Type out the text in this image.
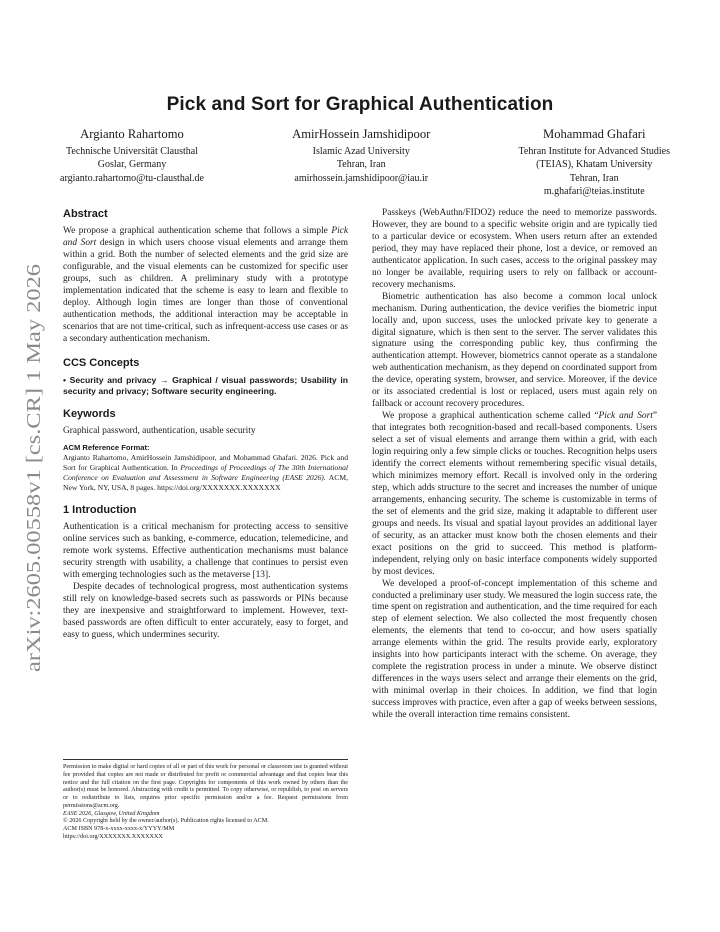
arXiv:2605.00558v1 [cs.CR] 1 May 2026
Pick and Sort for Graphical Authentication
Argianto Rahartomo
Technische Universität Clausthal
Goslar, Germany
argianto.rahartomo@tu-clausthal.de
AmirHossein Jamshidipoor
Islamic Azad University
Tehran, Iran
amirhossein.jamshidipoor@iau.ir
Mohammad Ghafari
Tehran Institute for Advanced Studies
(TEIAS), Khatam University
Tehran, Iran
m.ghafari@teias.institute
Abstract

We propose a graphical authentication scheme that follows a simple Pick and Sort design in which users choose visual elements and arrange them within a grid. Both the number of selected elements and the grid size are configurable, and the visual elements can be customized for specific user groups, such as children. A preliminary study with a prototype implementation indicated that the scheme is easy to learn and flexible to deploy. Although login times are longer than those of conventional authentication methods, the additional interaction may be acceptable in scenarios that are not time-critical, such as infrequent-access use cases or as a secondary authentication mechanism.

CCS Concepts

• Security and privacy → Graphical / visual passwords; Usability in security and privacy; Software security engineering.

Keywords

Graphical password, authentication, usable security

ACM Reference Format:

Argianto Rahartomo, AmirHossein Jamshidipoor, and Mohammad Ghafari. 2026. Pick and Sort for Graphical Authentication. In Proceedings of Proceedings of The 30th International Conference on Evaluation and Assessment in Software Engineering (EASE 2026). ACM, New York, NY, USA, 8 pages. https://doi.org/XXXXXXX.XXXXXXX

1 Introduction

Authentication is a critical mechanism for protecting access to sensitive online services such as banking, e-commerce, education, telemedicine, and remote work systems. Effective authentication mechanisms must balance security strength with usability, a challenge that continues to persist even with emerging technologies such as the metaverse [13].

Despite decades of technological progress, most authentication systems still rely on knowledge-based secrets such as passwords or PINs because they are inexpensive and straightforward to implement. However, text-based passwords are often difficult to enter accurately, easy to forget, and easy to guess, which undermines security.

Permission to make digital or hard copies of all or part of this work for personal or classroom use is granted without fee provided that copies are not made or distributed for profit or commercial advantage and that copies bear this notice and the full citation on the first page. Copyrights for components of this work owned by others than the author(s) must be honored. Abstracting with credit is permitted. To copy otherwise, or republish, to post on servers or to redistribute to lists, requires prior specific permission and/or a fee. Request permissions from permissions@acm.org.
EASE 2026, Glasgow, United Kingdom
© 2026 Copyright held by the owner/author(s). Publication rights licensed to ACM.
ACM ISBN 978-x-xxxx-xxxx-x/YYYY/MM
https://doi.org/XXXXXXX.XXXXXXX

Passkeys (WebAuthn/FIDO2) reduce the need to memorize passwords. However, they are bound to a specific website origin and are typically tied to a particular device or ecosystem. When users return after an extended period, they may have replaced their phone, lost a device, or removed an authenticator application. In such cases, access to the original passkey may no longer be available, requiring users to rely on fallback or account-recovery mechanisms.

Biometric authentication has also become a common local unlock mechanism. During authentication, the device verifies the biometric input locally and, upon success, uses the unlocked private key to generate a digital signature, which is then sent to the server. The server validates this signature using the corresponding public key, thus confirming the authentication attempt. However, biometrics cannot operate as a standalone web authentication mechanism, as they depend on coordinated support from the device, operating system, browser, and service. Moreover, if the device or its associated credential is lost or replaced, users must again rely on fallback or account recovery procedures.

We propose a graphical authentication scheme called “Pick and Sort” that integrates both recognition-based and recall-based components. Users select a set of visual elements and arrange them within a grid, with each login requiring only a few simple clicks or touches. Recognition helps users identify the correct elements without remembering specific visual details, which minimizes memory effort. Recall is involved only in the ordering step, which adds structure to the secret and increases the number of unique arrangements, enhancing security. The scheme is customizable in terms of the set of elements and the grid size, making it adaptable to different user groups and needs. Its visual and spatial layout provides an additional layer of security, as an attacker must know both the chosen elements and their exact positions on the grid to succeed. This method is platform-independent, relying only on basic interface components widely supported by most devices.

We developed a proof-of-concept implementation of this scheme and conducted a preliminary user study. We measured the login success rate, the time spent on registration and authentication, and the time required for each step of element selection. We also collected the most frequently chosen elements, the elements that tend to co-occur, and how users spatially arrange elements within the grid. The results provide early, exploratory insights into how participants interact with the scheme. On average, they complete the registration process in under a minute. We observe distinct differences in the ways users select and arrange their elements on the grid, with minimal overlap in their choices. In addition, we find that login success improves with practice, even after a gap of weeks between sessions, while the overall interaction time remains consistent.
